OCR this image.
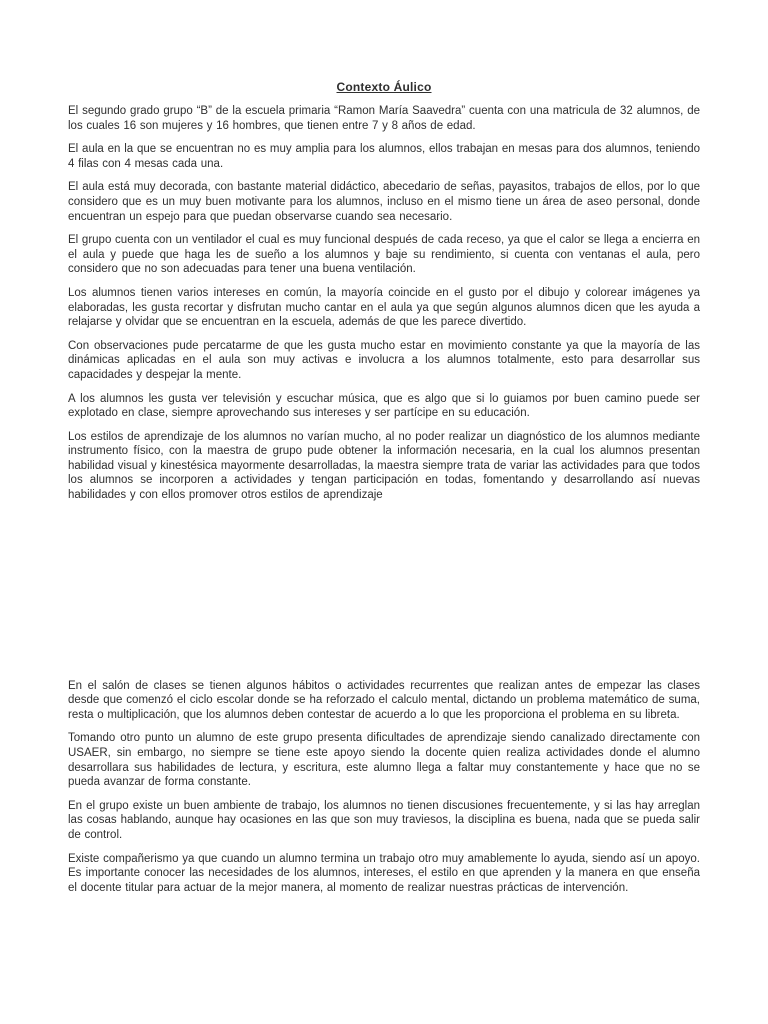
Contexto Áulico

El segundo grado grupo “B” de la escuela primaria “Ramon María Saavedra” cuenta con una matricula de 32 alumnos, de los cuales 16 son mujeres y 16 hombres, que tienen entre 7 y 8 años de edad.

El aula en la que se encuentran no es muy amplia para los alumnos, ellos trabajan en mesas para dos alumnos, teniendo 4 filas con 4 mesas cada una.

El aula está muy decorada, con bastante material didáctico, abecedario de señas, payasitos, trabajos de ellos, por lo que considero que es un muy buen motivante para los alumnos, incluso en el mismo tiene un área de aseo personal, donde encuentran un espejo para que puedan observarse cuando sea necesario.

El grupo cuenta con un ventilador el cual es muy funcional después de cada receso, ya que el calor se llega a encierra en el aula y puede que haga les de sueño a los alumnos y baje su rendimiento, si cuenta con ventanas el aula, pero considero que no son adecuadas para tener una buena ventilación.

Los alumnos tienen varios intereses en común, la mayoría coincide en el gusto por el dibujo y colorear imágenes ya elaboradas, les gusta recortar y disfrutan mucho cantar en el aula ya que según algunos alumnos dicen que les ayuda a relajarse y olvidar que se encuentran en la escuela, además de que les parece divertido.

Con observaciones pude percatarme de que les gusta mucho estar en movimiento constante ya que la mayoría de las dinámicas aplicadas en el aula son muy activas e involucra a los alumnos totalmente, esto para desarrollar sus capacidades y despejar la mente.

A los alumnos les gusta ver televisión y escuchar música, que es algo que si lo guiamos por buen camino puede ser explotado en clase, siempre aprovechando sus intereses y ser partícipe en su educación.

Los estilos de aprendizaje de los alumnos no varían mucho, al no poder realizar un diagnóstico de los alumnos mediante instrumento físico, con la maestra de grupo pude obtener la información necesaria, en la cual los alumnos presentan habilidad visual y kinestésica mayormente desarrolladas, la maestra siempre trata de variar las actividades para que todos los alumnos se incorporen a actividades y tengan participación en todas, fomentando y desarrollando así nuevas habilidades y con ellos promover otros estilos de aprendizaje

En el salón de clases se tienen algunos hábitos o actividades recurrentes que realizan antes de empezar las clases desde que comenzó el ciclo escolar donde se ha reforzado el calculo mental, dictando un problema matemático de suma, resta o multiplicación, que los alumnos deben contestar de acuerdo a lo que les proporciona el problema en su libreta.

Tomando otro punto un alumno de este grupo presenta dificultades de aprendizaje siendo canalizado directamente con USAER, sin embargo, no siempre se tiene este apoyo siendo la docente quien realiza actividades donde el alumno desarrollara sus habilidades de lectura, y escritura, este alumno llega a faltar muy constantemente y hace que no se pueda avanzar de forma constante.

En el grupo existe un buen ambiente de trabajo, los alumnos no tienen discusiones frecuentemente, y si las hay arreglan las cosas hablando, aunque hay ocasiones en las que son muy traviesos, la disciplina es buena, nada que se pueda salir de control.

Existe compañerismo ya que cuando un alumno termina un trabajo otro muy amablemente lo ayuda, siendo así un apoyo. Es importante conocer las necesidades de los alumnos, intereses, el estilo en que aprenden y la manera en que enseña el docente titular para actuar de la mejor manera, al momento de realizar nuestras prácticas de intervención.
